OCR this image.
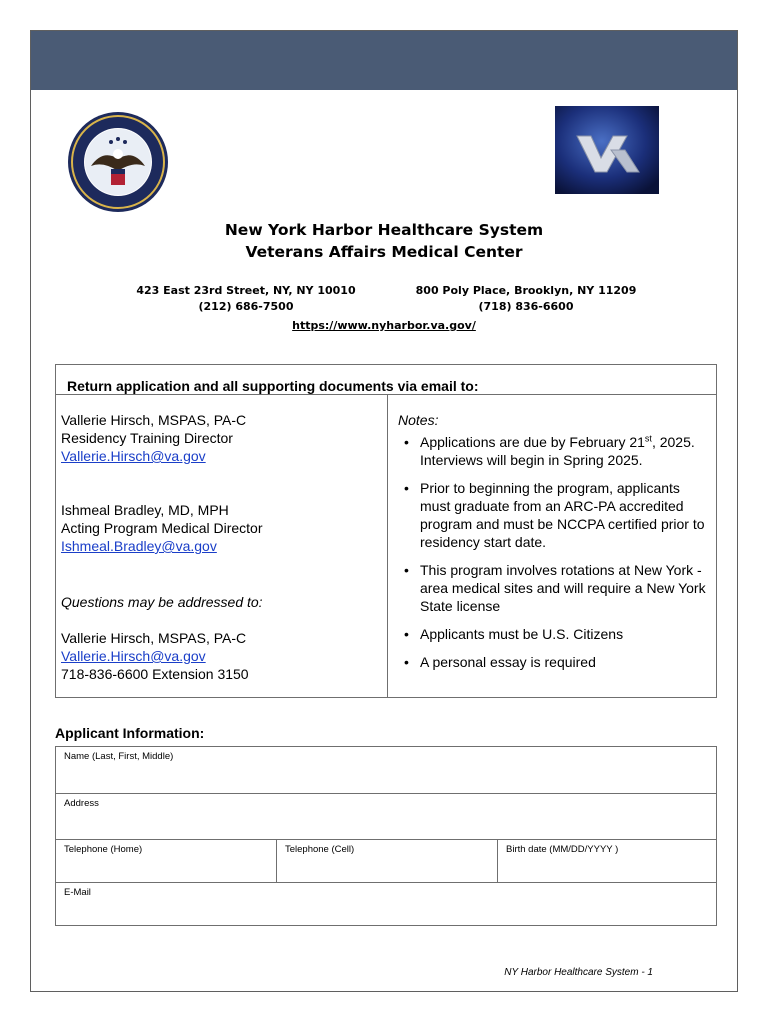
New York Harbor Healthcare System
Veterans Affairs Medical Center
423 East 23rd Street, NY, NY 10010
(212) 686-7500
800 Poly Place, Brooklyn, NY 11209
(718) 836-6600
https://www.nyharbor.va.gov/
Return application and all supporting documents via email to:
Vallerie Hirsch, MSPAS, PA-C
Residency Training Director
Vallerie.Hirsch@va.gov
Ishmeal Bradley, MD, MPH
Acting Program Medical Director
Ishmeal.Bradley@va.gov
Questions may be addressed to:
Vallerie Hirsch, MSPAS, PA-C
Vallerie.Hirsch@va.gov
718-836-6600 Extension 3150
Notes:
• Applications are due by February 21st, 2025. Interviews will begin in Spring 2025.
• Prior to beginning the program, applicants must graduate from an ARC-PA accredited program and must be NCCPA certified prior to residency start date.
• This program involves rotations at New York -area medical sites and will require a New York State license
• Applicants must be U.S. Citizens
• A personal essay is required
Applicant Information:
Name (Last, First, Middle)
Address
Telephone (Home)	Telephone (Cell)	Birth date (MM/DD/YYYY )
E-Mail
NY Harbor Healthcare System - 1
